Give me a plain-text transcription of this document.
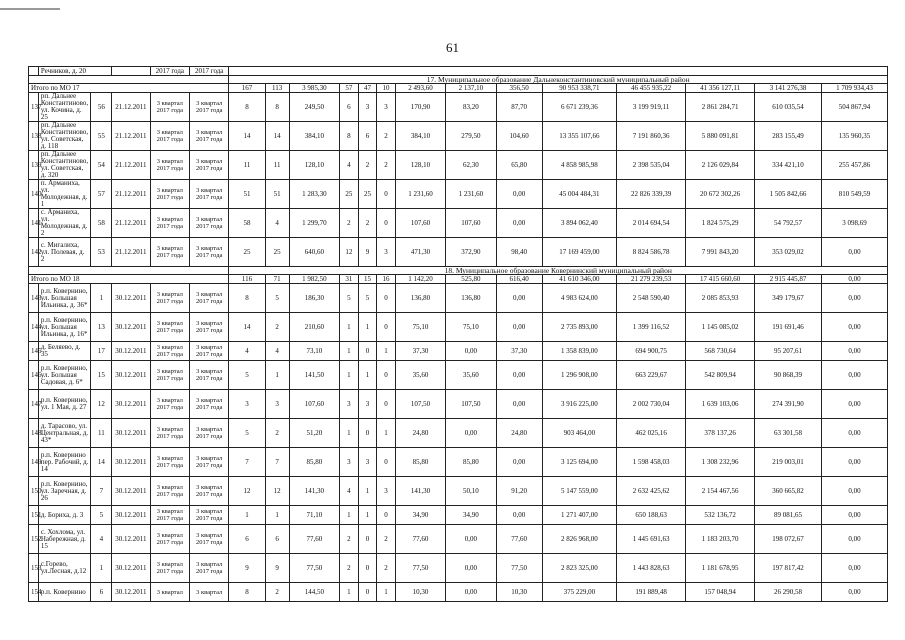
61
	Речников, д. 20			2017 года	2017 года														
						17. Муниципальное образование Дальнеконстантиновский муниципальный район													
Итого по МО 17						167	113	3 985,30	57	47	10	2 493,60	2 137,10	356,50	90 953 338,71	46 455 935,22	41 356 127,11	3 141 276,38	1 709 934,43
137	рп. Дальнее Константиново, ул. Кочина, д. 25	56	21.12.2011	3 квартал 2017 года	3 квартал 2017 года	8	8	249,50	6	3	3	170,90	83,20	87,70	6 671 239,36	3 199 919,11	2 861 284,71	610 035,54	504 867,94
138	рп. Дальнее Константиново, ул. Советская, д. 118	55	21.12.2011	3 квартал 2017 года	3 квартал 2017 года	14	14	384,10	8	6	2	384,10	279,50	104,60	13 355 107,66	7 191 860,36	5 880 091,81	283 155,49	135 960,35
139	рп. Дальнее Константиново, ул. Советская, д. 320	54	21.12.2011	3 квартал 2017 года	3 квартал 2017 года	11	11	128,10	4	2	2	128,10	62,30	65,80	4 858 985,98	2 398 535,04	2 126 029,84	334 421,10	255 457,86
140	п. Арманиха, ул. Молодежная, д. 1	57	21.12.2011	3 квартал 2017 года	3 квартал 2017 года	51	51	1 283,30	25	25	0	1 231,60	1 231,60	0,00	45 004 484,31	22 826 339,39	20 672 302,26	1 505 842,66	810 549,59
141	с. Арманиха, ул. Молодежная, д. 2	58	21.12.2011	3 квартал 2017 года	3 квартал 2017 года	58	4	1 299,70	2	2	0	107,60	107,60	0,00	3 894 062,40	2 014 694,54	1 824 575,29	54 792,57	3 098,69
142	с. Мигалиха, ул. Полевая, д. 2	53	21.12.2011	3 квартал 2017 года	3 квартал 2017 года	25	25	640,60	12	9	3	471,30	372,90	98,40	17 169 459,00	8 824 586,78	7 991 843,20	353 029,02	0,00
						18. Муниципальное образование Ковернинский муниципальный район													
Итого по МО 18						116	71	1 982,50	31	15	16	1 142,20	525,80	616,40	41 610 346,00	21 279 239,53	17 415 660,60	2 915 445,87	0,00
143	р.п. Ковернино, ул. Большая Ильинка, д. 36*	1	30.12.2011	3 квартал 2017 года	3 квартал 2017 года	8	5	186,30	5	5	0	136,80	136,80	0,00	4 983 624,00	2 548 590,40	2 085 853,93	349 179,67	0,00
144	р.п. Ковернино, ул. Большая Ильинка, д. 16*	13	30.12.2011	3 квартал 2017 года	3 квартал 2017 года	14	2	210,60	1	1	0	75,10	75,10	0,00	2 735 893,00	1 399 116,52	1 145 085,02	191 691,46	0,00
145	д. Беляево, д. 35	17	30.12.2011	3 квартал 2017 года	3 квартал 2017 года	4	4	73,10	1	0	1	37,30	0,00	37,30	1 358 839,00	694 900,75	568 730,64	95 207,61	0,00
146	р.п. Ковернино, ул. Большая Садовая, д. 6*	15	30.12.2011	3 квартал 2017 года	3 квартал 2017 года	5	1	141,50	1	1	0	35,60	35,60	0,00	1 296 908,00	663 229,67	542 809,94	90 868,39	0,00
147	р.п. Ковернино, ул. 1 Мая, д. 27	12	30.12.2011	3 квартал 2017 года	3 квартал 2017 года	3	3	107,60	3	3	0	107,50	107,50	0,00	3 916 225,00	2 002 730,04	1 639 103,06	274 391,90	0,00
148	д. Тарасово, ул. Центральная, д. 43*	11	30.12.2011	3 квартал 2017 года	3 квартал 2017 года	5	2	51,20	1	0	1	24,80	0,00	24,80	903 464,00	462 025,16	378 137,26	63 301,58	0,00
149	р.п. Ковернино пер. Рабочий, д. 14	14	30.12.2011	3 квартал 2017 года	3 квартал 2017 года	7	7	85,80	3	3	0	85,80	85,80	0,00	3 125 694,00	1 598 458,03	1 308 232,96	219 003,01	0,00
150	р.п. Ковернино, ул. Заречная, д. 26	7	30.12.2011	3 квартал 2017 года	3 квартал 2017 года	12	12	141,30	4	1	3	141,30	50,10	91,20	5 147 559,00	2 632 425,62	2 154 467,56	360 665,82	0,00
151	д. Бориха, д. 3	5	30.12.2011	3 квартал 2017 года	3 квартал 2017 года	1	1	71,10	1	1	0	34,90	34,90	0,00	1 271 407,00	650 188,63	532 136,72	89 081,65	0,00
152	с. Хохлома, ул. Набережная, д. 15	4	30.12.2011	3 квартал 2017 года	3 квартал 2017 года	6	6	77,60	2	0	2	77,60	0,00	77,60	2 826 968,00	1 445 691,63	1 183 203,70	198 072,67	0,00
153	с.Горево, ул.Лесная, д.12	1	30.12.2011	3 квартал 2017 года	3 квартал 2017 года	9	9	77,50	2	0	2	77,50	0,00	77,50	2 823 325,00	1 443 828,63	1 181 678,95	197 817,42	0,00
154	р.п. Ковернино	6	30.12.2011	3 квартал	3 квартал	8	2	144,50	1	0	1	10,30	0,00	10,30	375 229,00	191 889,48	157 048,94	26 290,58	0,00
